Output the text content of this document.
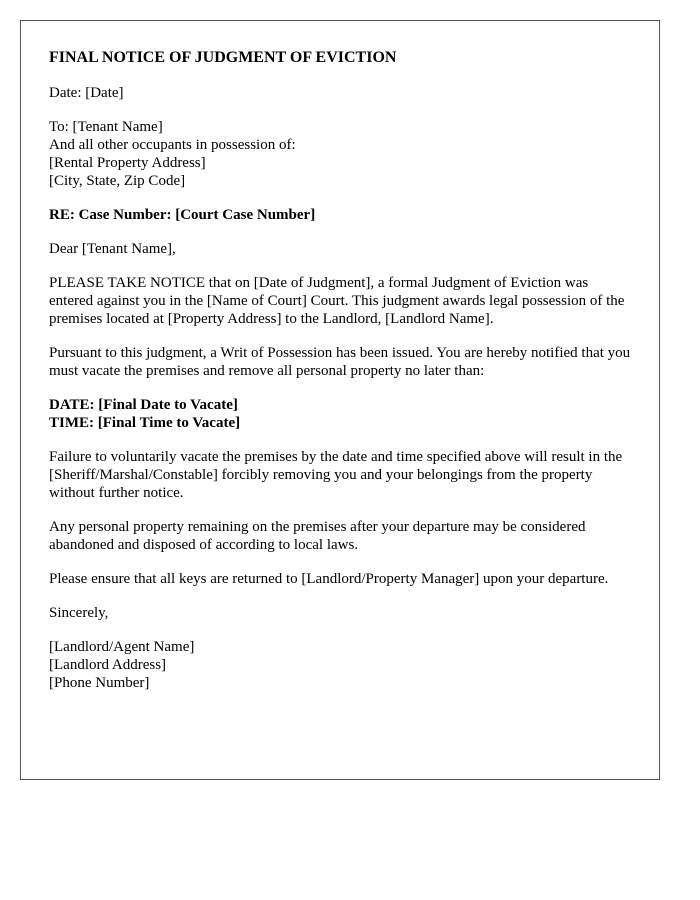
FINAL NOTICE OF JUDGMENT OF EVICTION
Date: [Date]
To: [Tenant Name]
And all other occupants in possession of:
[Rental Property Address]
[City, State, Zip Code]
RE: Case Number: [Court Case Number]
Dear [Tenant Name],
PLEASE TAKE NOTICE that on [Date of Judgment], a formal Judgment of Eviction was entered against you in the [Name of Court] Court. This judgment awards legal possession of the premises located at [Property Address] to the Landlord, [Landlord Name].
Pursuant to this judgment, a Writ of Possession has been issued. You are hereby notified that you must vacate the premises and remove all personal property no later than:
DATE: [Final Date to Vacate]
TIME: [Final Time to Vacate]
Failure to voluntarily vacate the premises by the date and time specified above will result in the [Sheriff/Marshal/Constable] forcibly removing you and your belongings from the property without further notice.
Any personal property remaining on the premises after your departure may be considered abandoned and disposed of according to local laws.
Please ensure that all keys are returned to [Landlord/Property Manager] upon your departure.
Sincerely,
[Landlord/Agent Name]
[Landlord Address]
[Phone Number]
